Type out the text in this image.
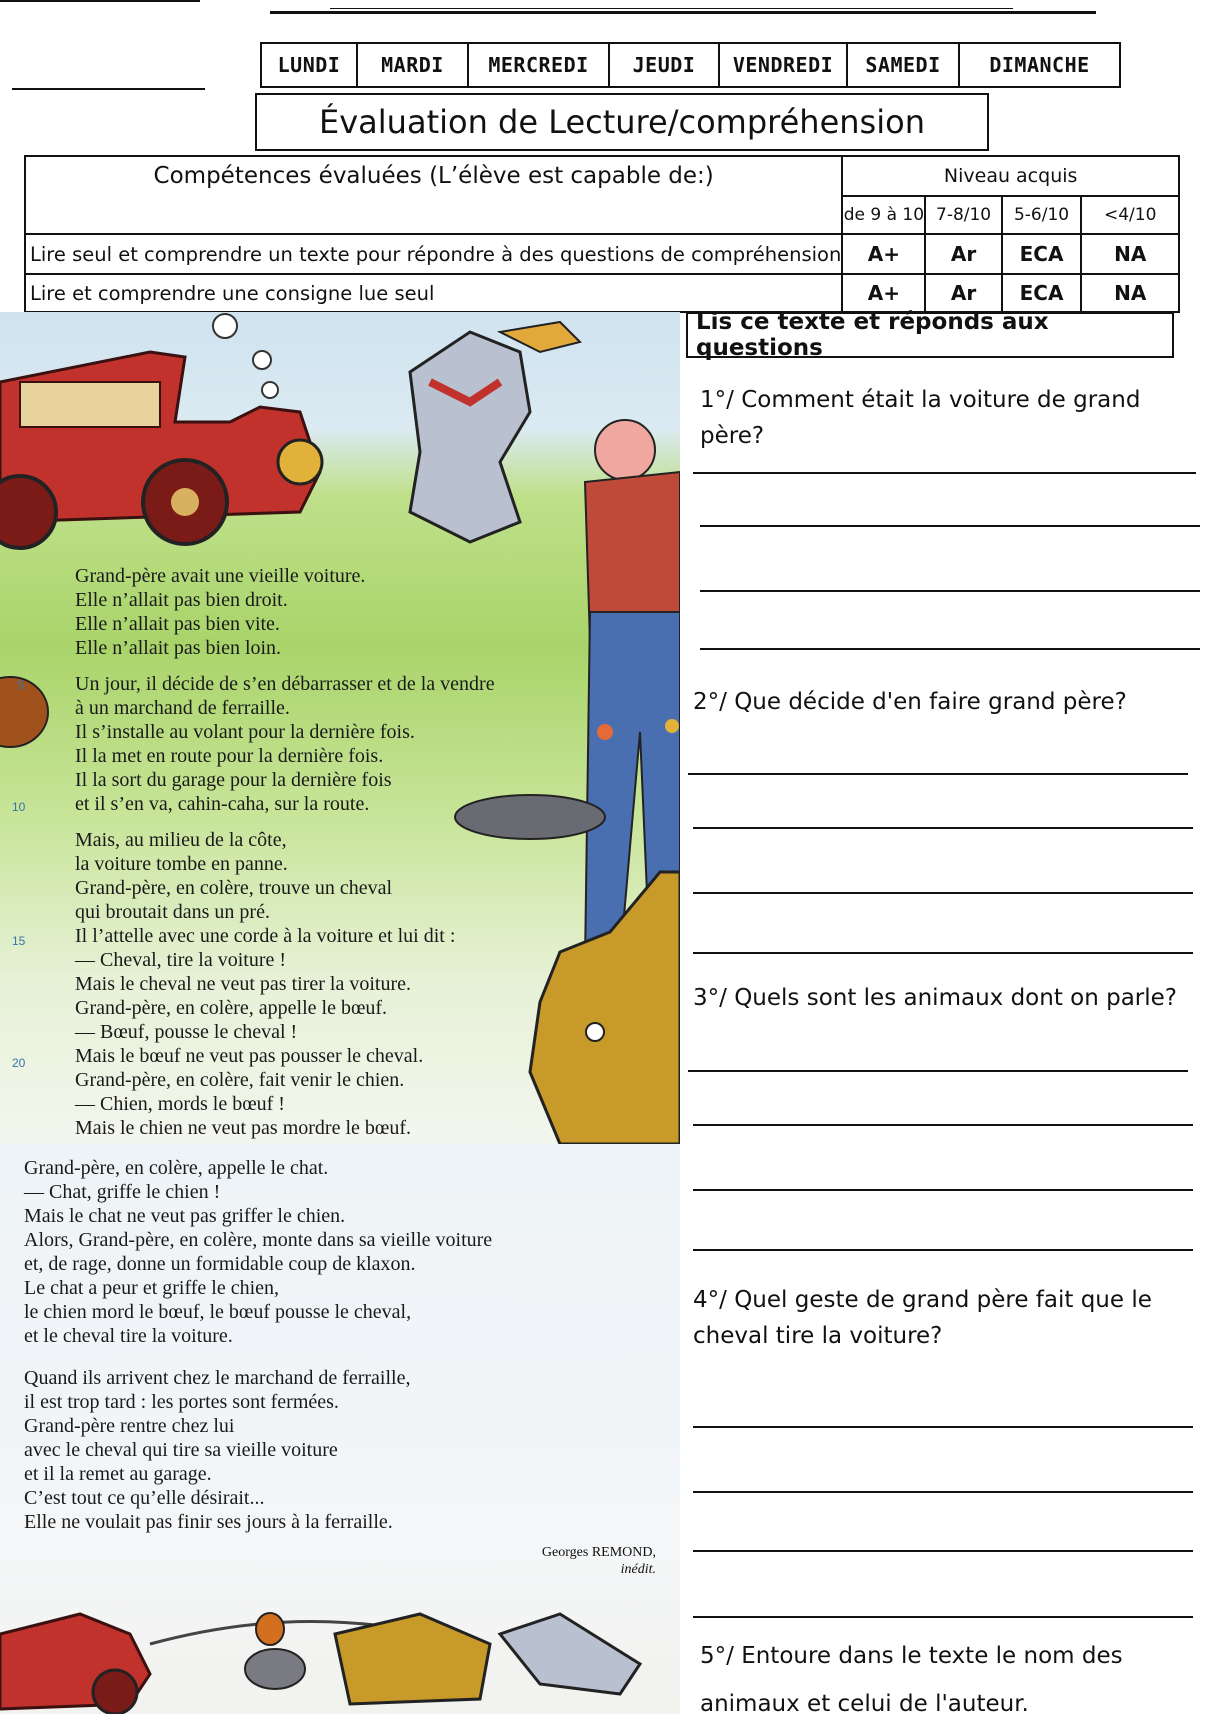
LUNDI	MARDI	MERCREDI	JEUDI	VENDREDI	SAMEDI	DIMANCHE
Évaluation de Lecture/compréhension
Compétences évaluées (L’élève est capable de:)	Niveau acquis			
	de 9 à 10	7-8/10	5-6/10	<4/10
Lire seul et comprendre un texte pour répondre à des questions de compréhension	A+	Ar	ECA	NA
Lire et comprendre une consigne lue seul	A+	Ar	ECA	NA
Grand-père avait une vieille voiture.
Elle n’allait pas bien droit.
Elle n’allait pas bien vite.
Elle n’allait pas bien loin.
Un jour, il décide de s’en débarrasser et de la vendre
à un marchand de ferraille.
Il s’installe au volant pour la dernière fois.
Il la met en route pour la dernière fois.
Il la sort du garage pour la dernière fois
et il s’en va, cahin-caha, sur la route.
Mais, au milieu de la côte,
la voiture tombe en panne.
Grand-père, en colère, trouve un cheval
qui broutait dans un pré.
Il l’attelle avec une corde à la voiture et lui dit :
— Cheval, tire la voiture !
Mais le cheval ne veut pas tirer la voiture.
Grand-père, en colère, appelle le bœuf.
— Bœuf, pousse le cheval !
Mais le bœuf ne veut pas pousser le cheval.
Grand-père, en colère, fait venir le chien.
— Chien, mords le bœuf !
Mais le chien ne veut pas mordre le bœuf.
5
10
15
20
Grand-père, en colère, appelle le chat.
— Chat, griffe le chien !
Mais le chat ne veut pas griffer le chien.
Alors, Grand-père, en colère, monte dans sa vieille voiture
et, de rage, donne un formidable coup de klaxon.
Le chat a peur et griffe le chien,
le chien mord le bœuf, le bœuf pousse le cheval,
et le cheval tire la voiture.
Quand ils arrivent chez le marchand de ferraille,
il est trop tard : les portes sont fermées.
Grand-père rentre chez lui
avec le cheval qui tire sa vieille voiture
et il la remet au garage.
C’est tout ce qu’elle désirait...
Elle ne voulait pas finir ses jours à la ferraille.
Georges REMOND,
inédit.
Lis ce texte et réponds aux questions
1°/ Comment était la voiture de grand père?
2°/ Que décide d'en faire grand père?
3°/ Quels sont les animaux dont on parle?
4°/ Quel geste de grand père fait que le cheval tire la voiture?
5°/ Entoure dans le texte le nom des animaux et celui de l'auteur.
